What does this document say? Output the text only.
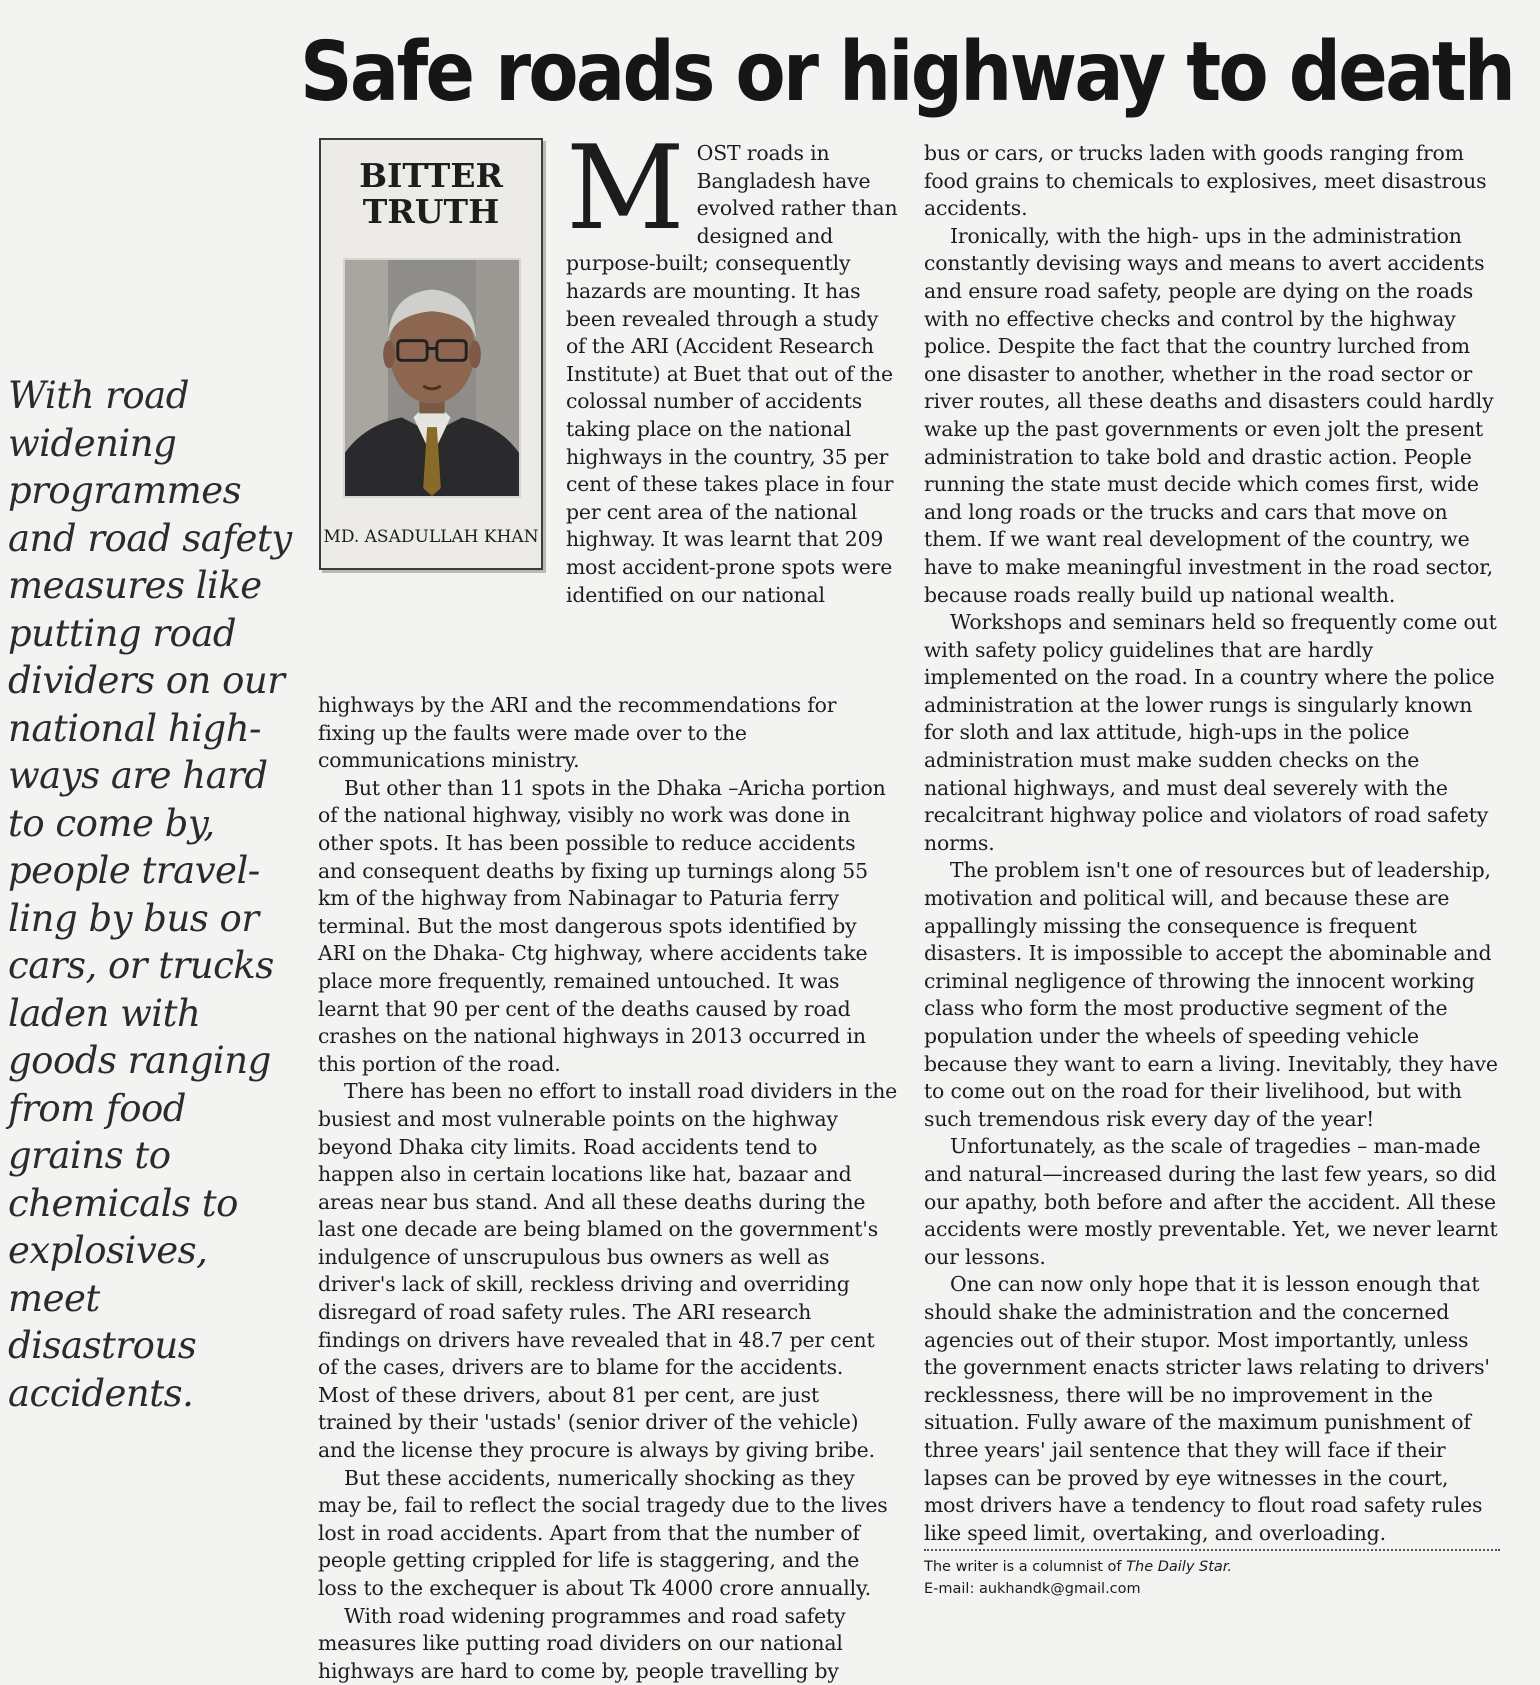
Safe roads or highway to death

With road widening programmes and road safety measures like putting road dividers on our national high-ways are hard to come by, people travel-ling by bus or cars, or trucks laden with goods ranging from food grains to chemicals to explosives, meet disastrous accidents.

BITTER
TRUTH

MD. ASADULLAH KHAN

MOST roads in Bangladesh have evolved rather than designed and purpose-built; consequently hazards are mounting. It has been revealed through a study of the ARI (Accident Research Institute) at Buet that out of the colossal number of accidents taking place on the national highways in the country, 35 per cent of these takes place in four per cent area of the national highway. It was learnt that 209 most accident-prone spots were identified on our national

highways by the ARI and the recommendations for fixing up the faults were made over to the communications ministry.

But other than 11 spots in the Dhaka –Aricha portion of the national highway, visibly no work was done in other spots. It has been possible to reduce accidents and consequent deaths by fixing up turnings along 55 km of the highway from Nabinagar to Paturia ferry terminal. But the most dangerous spots identified by ARI on the Dhaka- Ctg highway, where accidents take place more frequently, remained untouched. It was learnt that 90 per cent of the deaths caused by road crashes on the national highways in 2013 occurred in this portion of the road.

There has been no effort to install road dividers in the busiest and most vulnerable points on the highway beyond Dhaka city limits. Road accidents tend to happen also in certain locations like hat, bazaar and areas near bus stand. And all these deaths during the last one decade are being blamed on the government's indulgence of unscrupulous bus owners as well as driver's lack of skill, reckless driving and overriding disregard of road safety rules. The ARI research findings on drivers have revealed that in 48.7 per cent of the cases, drivers are to blame for the accidents. Most of these drivers, about 81 per cent, are just trained by their 'ustads' (senior driver of the vehicle) and the license they procure is always by giving bribe.

But these accidents, numerically shocking as they may be, fail to reflect the social tragedy due to the lives lost in road accidents. Apart from that the number of people getting crippled for life is staggering, and the loss to the exchequer is about Tk 4000 crore annually.

With road widening programmes and road safety measures like putting road dividers on our national highways are hard to come by, people travelling by

bus or cars, or trucks laden with goods ranging from food grains to chemicals to explosives, meet disastrous accidents.

Ironically, with the high- ups in the administration constantly devising ways and means to avert accidents and ensure road safety, people are dying on the roads with no effective checks and control by the highway police. Despite the fact that the country lurched from one disaster to another, whether in the road sector or river routes, all these deaths and disasters could hardly wake up the past governments or even jolt the present administration to take bold and drastic action. People running the state must decide which comes first, wide and long roads or the trucks and cars that move on them. If we want real development of the country, we have to make meaningful investment in the road sector, because roads really build up national wealth.

Workshops and seminars held so frequently come out with safety policy guidelines that are hardly implemented on the road. In a country where the police administration at the lower rungs is singularly known for sloth and lax attitude, high-ups in the police administration must make sudden checks on the national highways, and must deal severely with the recalcitrant highway police and violators of road safety norms.

The problem isn't one of resources but of leadership, motivation and political will, and because these are appallingly missing the consequence is frequent disasters. It is impossible to accept the abominable and criminal negligence of throwing the innocent working class who form the most productive segment of the population under the wheels of speeding vehicle because they want to earn a living. Inevitably, they have to come out on the road for their livelihood, but with such tremendous risk every day of the year!

Unfortunately, as the scale of tragedies – man-made and natural—increased during the last few years, so did our apathy, both before and after the accident. All these accidents were mostly preventable. Yet, we never learnt our lessons.

One can now only hope that it is lesson enough that should shake the administration and the concerned agencies out of their stupor. Most importantly, unless the government enacts stricter laws relating to drivers' recklessness, there will be no improvement in the situation. Fully aware of the maximum punishment of three years' jail sentence that they will face if their lapses can be proved by eye witnesses in the court, most drivers have a tendency to flout road safety rules like speed limit, overtaking, and overloading.

The writer is a columnist of The Daily Star.

E-mail: aukhandk@gmail.com
